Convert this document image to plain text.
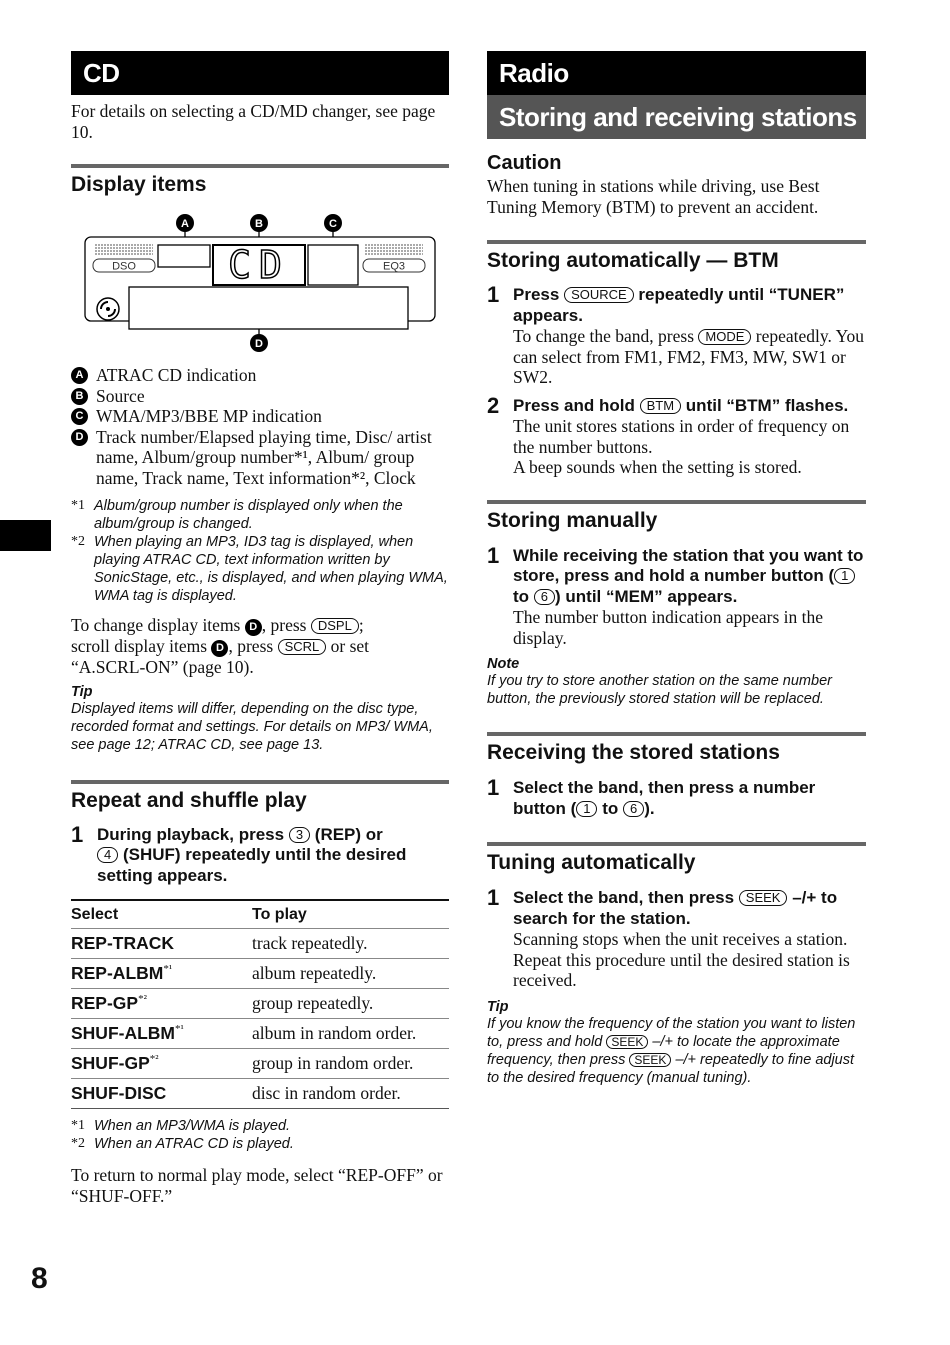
CD
For details on selecting a CD/MD changer, see page 10.
Display items
A	B	C
D
DSO	EQ3
CD
A ATRAC CD indication
B Source
C WMA/MP3/BBE MP indication
D Track number/Elapsed playing time, Disc/ artist name, Album/group number*¹, Album/ group name, Track name, Text information*², Clock
*1 Album/group number is displayed only when the album/group is changed.
*2 When playing an MP3, ID3 tag is displayed, when playing ATRAC CD, text information written by SonicStage, etc., is displayed, and when playing WMA, WMA tag is displayed.
To change display items D , press DSPL ;
scroll display items D , press SCRL or set
“A.SCRL-ON” (page 10).
Tip
Displayed items will differ, depending on the disc type, recorded format and settings. For details on MP3/ WMA, see page 12; ATRAC CD, see page 13.
Repeat and shuffle play
1 During playback, press 3 (REP) or
4 (SHUF) repeatedly until the desired setting appears.
Select	To play
REP-TRACK	track repeatedly.
REP-$ALBM^{*^1}$	album repeatedly.
REP-$GP^{*^2}$	group repeatedly.
SHUF-$ALBM^{*^1}$	album in random order.
SHUF-$GP^{*^2}$	group in random order.
SHUF-DISC	disc in random order.
*1 When an MP3/WMA is played.
*2 When an ATRAC CD is played.
To return to normal play mode, select “REP-OFF” or “SHUF-OFF.”
Radio
Storing and receiving stations
Caution
When tuning in stations while driving, use Best Tuning Memory (BTM) to prevent an accident.
Storing automatically — BTM
1 Press SOURCE repeatedly until “TUNER” appears.
To change the band, press MODE repeatedly. You can select from FM1, FM2, FM3, MW, SW1 or SW2.
2 Press and hold BTM until “BTM” flashes.
The unit stores stations in order of frequency on the number buttons.
A beep sounds when the setting is stored.
Storing manually
1 While receiving the station that you want to store, press and hold a number button ( 1 to 6 ) until “MEM” appears.
The number button indication appears in the display.
Note
If you try to store another station on the same number button, the previously stored station will be replaced.
Receiving the stored stations
1 Select the band, then press a number button ( 1 to 6 ).
Tuning automatically
1 Select the band, then press SEEK –/+ to search for the station.
Scanning stops when the unit receives a station. Repeat this procedure until the desired station is received.
Tip
If you know the frequency of the station you want to listen to, press and hold SEEK –/+ to locate the approximate frequency, then press SEEK –/+ repeatedly to fine adjust to the desired frequency (manual tuning).
8
